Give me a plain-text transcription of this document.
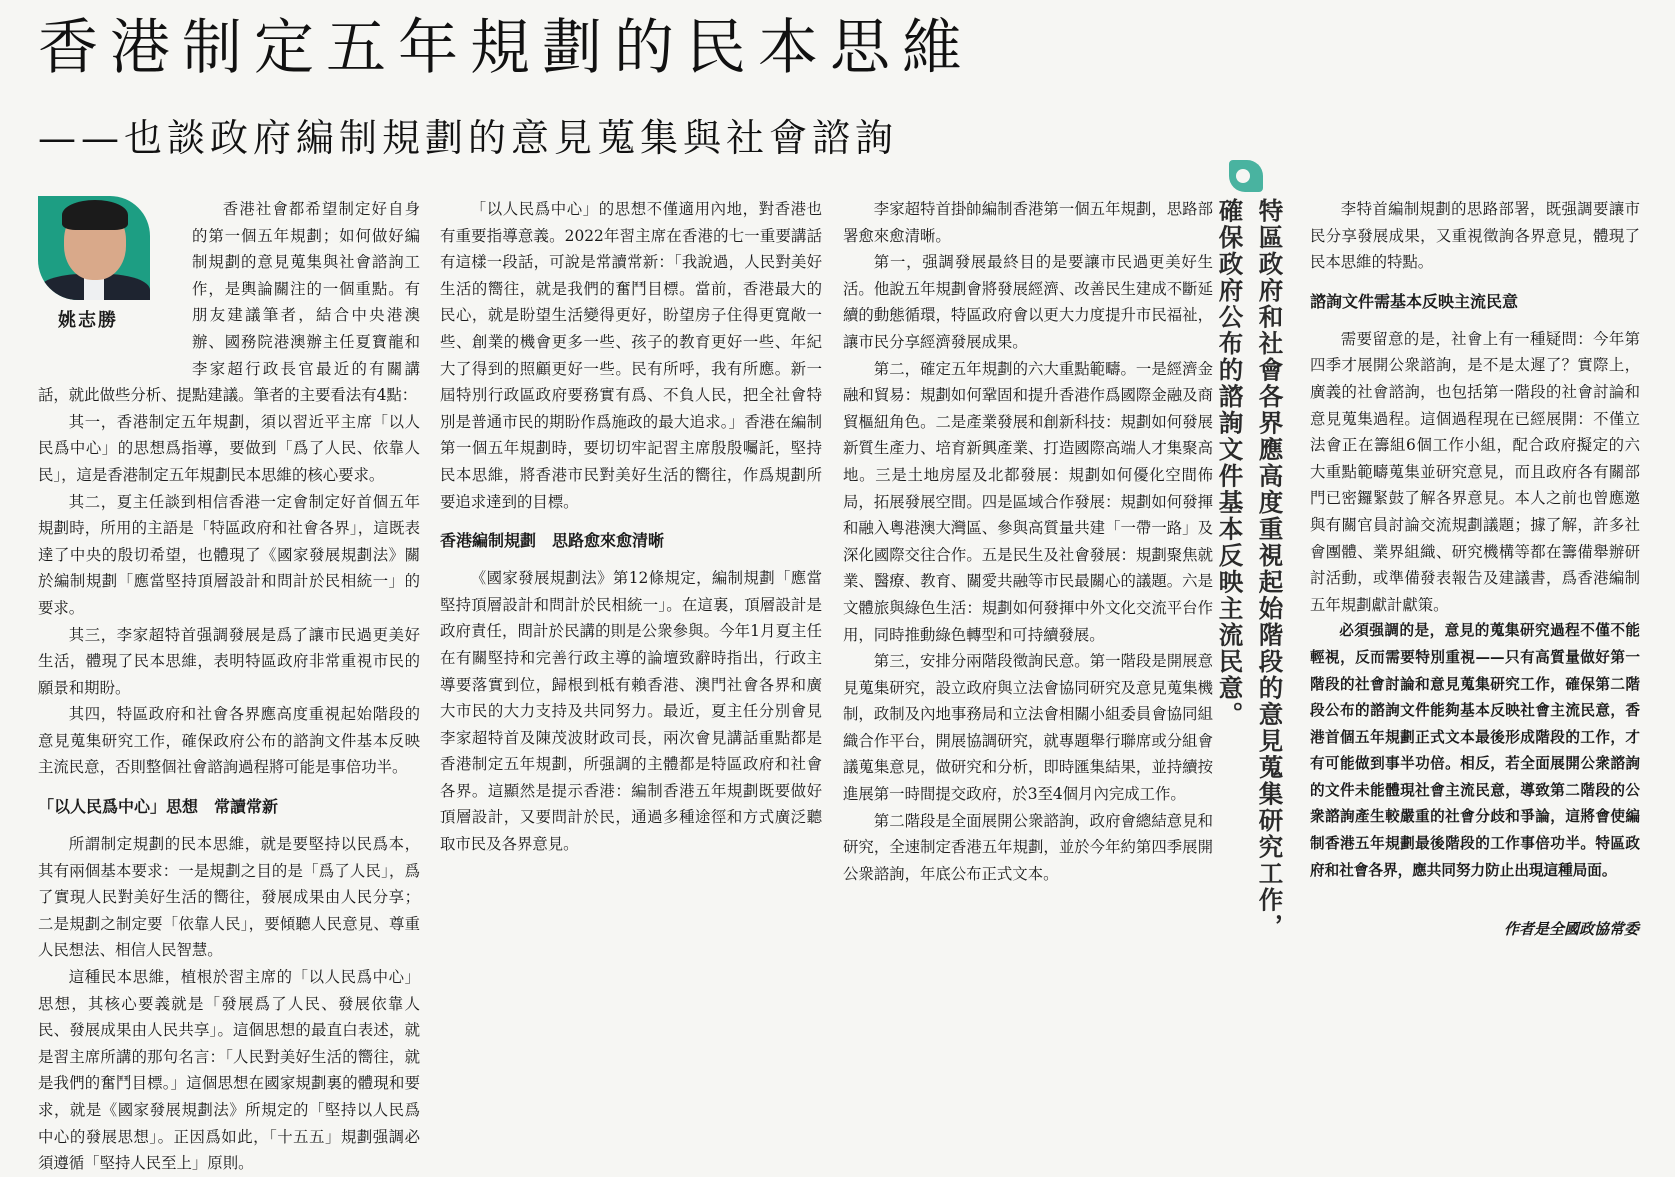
香港制定五年規劃的民本思維
——也談政府編制規劃的意見蒐集與社會諮詢
姚志勝

香港社會都希望制定好自身的第一個五年規劃；如何做好編制規劃的意見蒐集與社會諮詢工作，是輿論關注的一個重點。有朋友建議筆者，結合中央港澳辦、國務院港澳辦主任夏寶龍和李家超行政長官最近的有關講話，就此做些分析、提點建議。筆者的主要看法有4點：

其一，香港制定五年規劃，須以習近平主席「以人民爲中心」的思想爲指導，要做到「爲了人民、依靠人民」，這是香港制定五年規劃民本思維的核心要求。

其二，夏主任談到相信香港一定會制定好首個五年規劃時，所用的主語是「特區政府和社會各界」，這既表達了中央的殷切希望，也體現了《國家發展規劃法》關於編制規劃「應當堅持頂層設計和問計於民相統一」的要求。

其三，李家超特首强調發展是爲了讓市民過更美好生活，體現了民本思維，表明特區政府非常重視市民的願景和期盼。

其四，特區政府和社會各界應高度重視起始階段的意見蒐集研究工作，確保政府公布的諮詢文件基本反映主流民意，否則整個社會諮詢過程將可能是事倍功半。

「以人民爲中心」思想　常讀常新

所謂制定規劃的民本思維，就是要堅持以民爲本，其有兩個基本要求：一是規劃之目的是「爲了人民」，爲了實現人民對美好生活的嚮往，發展成果由人民分享；二是規劃之制定要「依靠人民」，要傾聽人民意見、尊重人民想法、相信人民智慧。

這種民本思維，植根於習主席的「以人民爲中心」思想，其核心要義就是「發展爲了人民、發展依靠人民、發展成果由人民共享」。這個思想的最直白表述，就是習主席所講的那句名言：「人民對美好生活的嚮往，就是我們的奮鬥目標。」這個思想在國家規劃裏的體現和要求，就是《國家發展規劃法》所規定的「堅持以人民爲中心的發展思想」。正因爲如此，「十五五」規劃强調必須遵循「堅持人民至上」原則。

「以人民爲中心」的思想不僅適用內地，對香港也有重要指導意義。2022年習主席在香港的七一重要講話有這樣一段話，可說是常讀常新：「我說過，人民對美好生活的嚮往，就是我們的奮鬥目標。當前，香港最大的民心，就是盼望生活變得更好，盼望房子住得更寬敞一些、創業的機會更多一些、孩子的教育更好一些、年紀大了得到的照顧更好一些。民有所呼，我有所應。新一屆特別行政區政府要務實有爲、不負人民，把全社會特別是普通市民的期盼作爲施政的最大追求。」香港在編制第一個五年規劃時，要切切牢記習主席殷殷囑託，堅持民本思維，將香港市民對美好生活的嚮往，作爲規劃所要追求達到的目標。

香港編制規劃　思路愈來愈清晰

《國家發展規劃法》第12條規定，編制規劃「應當堅持頂層設計和問計於民相統一」。在這裏，頂層設計是政府責任，問計於民講的則是公衆參與。今年1月夏主任在有關堅持和完善行政主導的論壇致辭時指出，行政主導要落實到位，歸根到柢有賴香港、澳門社會各界和廣大市民的大力支持及共同努力。最近，夏主任分別會見李家超特首及陳茂波財政司長，兩次會見講話重點都是香港制定五年規劃，所强調的主體都是特區政府和社會各界。這顯然是提示香港：編制香港五年規劃既要做好頂層設計，又要問計於民，通過多種途徑和方式廣泛聽取市民及各界意見。

李家超特首掛帥編制香港第一個五年規劃，思路部署愈來愈清晰。

第一，强調發展最終目的是要讓市民過更美好生活。他說五年規劃會將發展經濟、改善民生建成不斷延續的動態循環，特區政府會以更大力度提升市民福祉，讓市民分享經濟發展成果。

第二，確定五年規劃的六大重點範疇。一是經濟金融和貿易：規劃如何鞏固和提升香港作爲國際金融及商貿樞紐角色。二是產業發展和創新科技：規劃如何發展新質生產力、培育新興產業、打造國際高端人才集聚高地。三是土地房屋及北都發展：規劃如何優化空間佈局，拓展發展空間。四是區域合作發展：規劃如何發揮和融入粵港澳大灣區、參與高質量共建「一帶一路」及深化國際交往合作。五是民生及社會發展：規劃聚焦就業、醫療、教育、關愛共融等市民最關心的議題。六是文體旅與綠色生活：規劃如何發揮中外文化交流平台作用，同時推動綠色轉型和可持續發展。

第三，安排分兩階段徵詢民意。第一階段是開展意見蒐集研究，設立政府與立法會協同研究及意見蒐集機制，政制及內地事務局和立法會相關小組委員會協同組織合作平台，開展協調研究，就專題舉行聯席或分組會議蒐集意見，做研究和分析，即時匯集結果，並持續按進展第一時間提交政府，於3至4個月內完成工作。

第二階段是全面展開公衆諮詢，政府會總結意見和研究，全速制定香港五年規劃，並於今年約第四季展開公衆諮詢，年底公布正式文本。	特區政府和社會各界應高度重視起始階段的意見蒐集研究工作，
確保政府公布的諮詢文件基本反映主流民意。	李特首編制規劃的思路部署，既强調要讓市民分享發展成果，又重視徵詢各界意見，體現了民本思維的特點。

諮詢文件需基本反映主流民意

需要留意的是，社會上有一種疑問：今年第四季才展開公衆諮詢，是不是太遲了？實際上，廣義的社會諮詢，也包括第一階段的社會討論和意見蒐集過程。這個過程現在已經展開：不僅立法會正在籌組6個工作小組，配合政府擬定的六大重點範疇蒐集並研究意見，而且政府各有關部門已密鑼緊鼓了解各界意見。本人之前也曾應邀與有關官員討論交流規劃議題；據了解，許多社會團體、業界組織、研究機構等都在籌備舉辦研討活動，或準備發表報告及建議書，爲香港編制五年規劃獻計獻策。

必須强調的是，意見的蒐集研究過程不僅不能輕視，反而需要特別重視——只有高質量做好第一階段的社會討論和意見蒐集研究工作，確保第二階段公布的諮詢文件能夠基本反映社會主流民意，香港首個五年規劃正式文本最後形成階段的工作，才有可能做到事半功倍。相反，若全面展開公衆諮詢的文件未能體現社會主流民意，導致第二階段的公衆諮詢產生較嚴重的社會分歧和爭論，這將會使編制香港五年規劃最後階段的工作事倍功半。特區政府和社會各界，應共同努力防止出現這種局面。

作者是全國政協常委
